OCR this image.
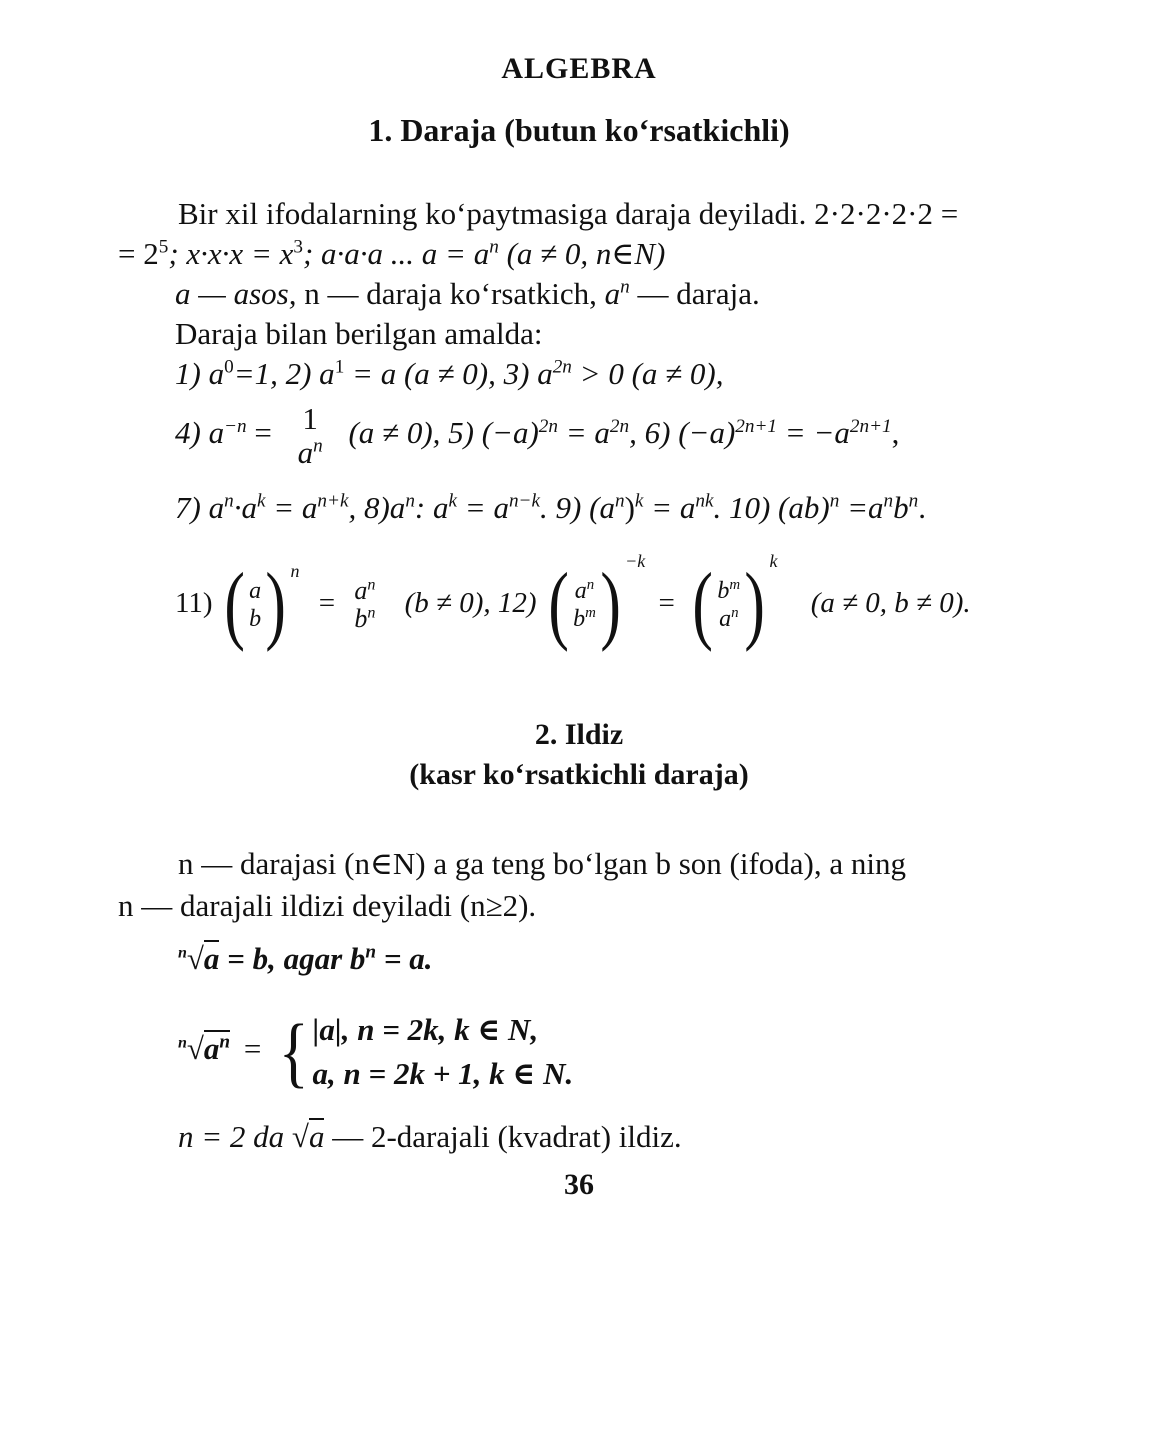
ALGEBRA
1. Daraja (butun ko‘rsatkichli)
Bir xil ifodalarning ko‘paytmasiga daraja deyiladi. 2·2·2·2·2 =
= $2^5$; $x\cdot x\cdot x = x^3$; a·a·a ... $a = a^n$ (a ≠ 0, n∈N)
a — asos, n — daraja ko‘rsatkich, $a^n$ — daraja.
Daraja bilan berilgan amalda:
1) $a^0=1$, 2) $a^1 = a$ (a ≠ 0), 3) $a^{2n} > 0$ (a ≠ 0),
4) $a^{-n} = 1$
$a^n$ (a ≠ 0), 5) $(-a)^{2n} = a^{2n}$, 6) $(-a)^{2n+1} = -a^{2n+1}$,
7) $a^n\cdot a^k = a^{n+k}$, $8)a^n$: $a^k = a^{n-k}$. 9) $(a^n)^k = a^{nk}$. 10) $(ab)^n =a^nb^n$.
11) ( a
b ) $^n = a^n$
$b^n$ (b ≠ 0), 12) ( $a^n$
$b^m$ ) $^{-k}$ = ( $b^m$
$a^n$ ) $^k$ (a ≠ 0, b ≠ 0).
2. Ildiz
(kasr ko‘rsatkichli daraja)
n — darajasi (n∈N) a ga teng bo‘lgan b son (ifoda), a ning
n — darajali ildizi deyiladi (n≥2).
$^n$√a = b, agar $b^n = a$.
$^n√a^n$ = { |a|, n = 2k, k ∈ N,
a, n = 2k + 1, k ∈ N.
n = 2 da √a — 2-darajali (kvadrat) ildiz.
36
